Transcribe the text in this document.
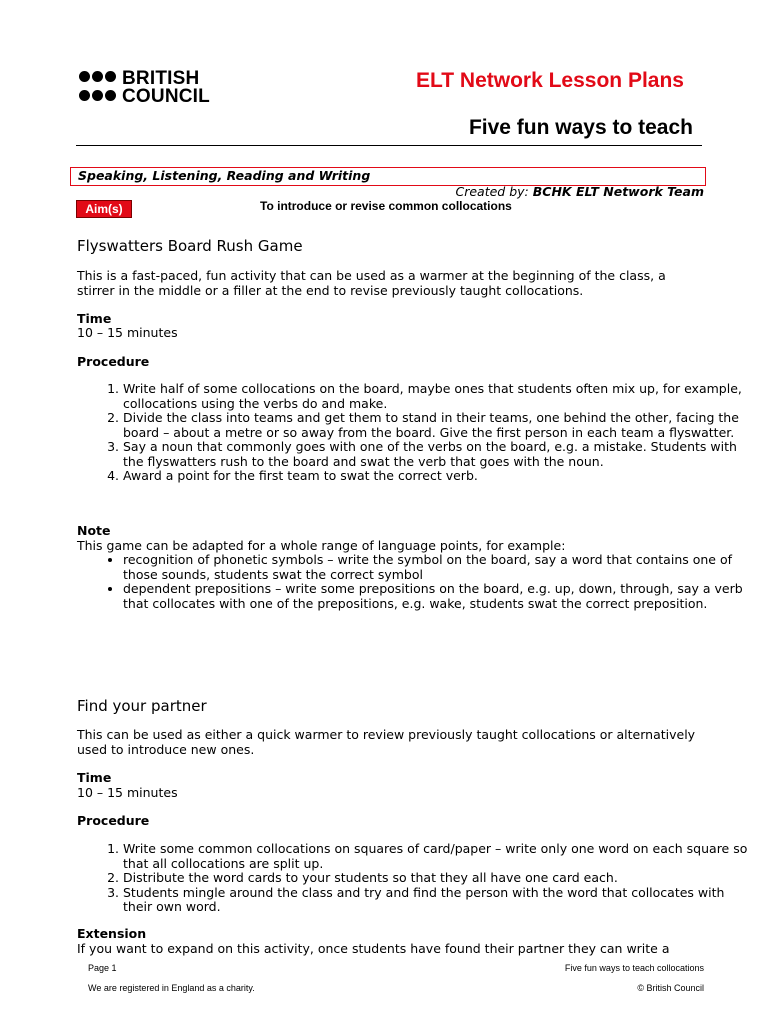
BRITISH
COUNCIL
ELT Network Lesson Plans
Five fun ways to teach
Speaking, Listening, Reading and Writing
Created by: BCHK ELT Network Team
Aim(s)	To introduce or revise common collocations
Flyswatters Board Rush Game
This is a fast-paced, fun activity that can be used as a warmer at the beginning of the class, a stirrer in the middle or a filler at the end to revise previously taught collocations.
Time
10 – 15 minutes
Procedure
1. Write half of some collocations on the board, maybe ones that students often mix up, for example, collocations using the verbs do and make.
2. Divide the class into teams and get them to stand in their teams, one behind the other, facing the board – about a metre or so away from the board. Give the first person in each team a flyswatter.
3. Say a noun that commonly goes with one of the verbs on the board, e.g. a mistake. Students with the flyswatters rush to the board and swat the verb that goes with the noun.
4. Award a point for the first team to swat the correct verb.
Note
This game can be adapted for a whole range of language points, for example:
• recognition of phonetic symbols – write the symbol on the board, say a word that contains one of those sounds, students swat the correct symbol
• dependent prepositions – write some prepositions on the board, e.g. up, down, through, say a verb that collocates with one of the prepositions, e.g. wake, students swat the correct preposition.
Find your partner
This can be used as either a quick warmer to review previously taught collocations or alternatively used to introduce new ones.
Time
10 – 15 minutes
Procedure
1. Write some common collocations on squares of card/paper – write only one word on each square so that all collocations are split up.
2. Distribute the word cards to your students so that they all have one card each.
3. Students mingle around the class and try and find the person with the word that collocates with their own word.
Extension
If you want to expand on this activity, once students have found their partner they can write a
Page 1	Five fun ways to teach collocations
We are registered in England as a charity.	© British Council
